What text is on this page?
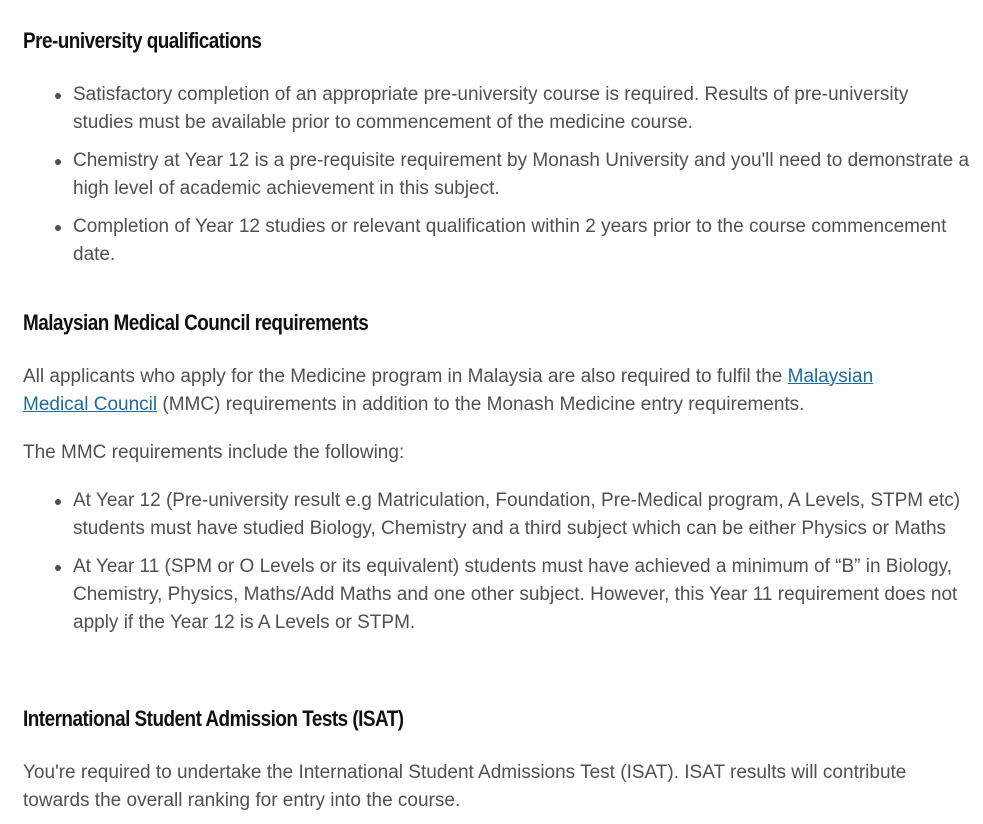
Pre-university qualifications
Satisfactory completion of an appropriate pre-university course is required. Results of pre-university studies must be available prior to commencement of the medicine course.
Chemistry at Year 12 is a pre-requisite requirement by Monash University and you'll need to demonstrate a high level of academic achievement in this subject.
Completion of Year 12 studies or relevant qualification within 2 years prior to the course commencement date.
Malaysian Medical Council requirements

All applicants who apply for the Medicine program in Malaysia are also required to fulfil the Malaysian Medical Council (MMC) requirements in addition to the Monash Medicine entry requirements.

The MMC requirements include the following:

At Year 12 (Pre-university result e.g Matriculation, Foundation, Pre-Medical program, A Levels, STPM etc) students must have studied Biology, Chemistry and a third subject which can be either Physics or Maths
At Year 11 (SPM or O Levels or its equivalent) students must have achieved a minimum of “B” in Biology, Chemistry, Physics, Maths/Add Maths and one other subject. However, this Year 11 requirement does not apply if the Year 12 is A Levels or STPM.
International Student Admission Tests (ISAT)

You're required to undertake the International Student Admissions Test (ISAT). ISAT results will contribute towards the overall ranking for entry into the course.
